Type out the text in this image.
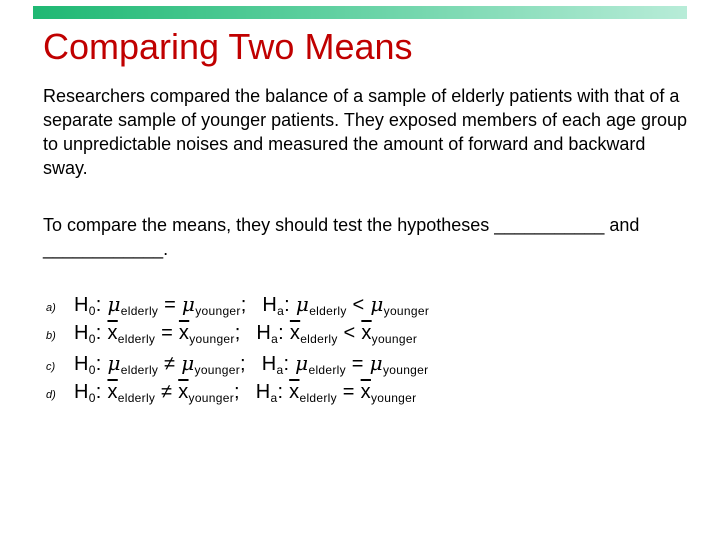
Comparing Two Means

Researchers compared the balance of a sample of elderly patients with that of a separate sample of younger patients. They exposed members of each age group to unpredictable noises and measured the amount of forward and backward sway.

To compare the means, they should test the hypotheses ___________ and ____________.

a) $H_0$: $\mu_{elderly} = \mu_{younger}$; $H_a$: $\mu_{elderly} < \mu_{younger}$
b) $H_0$: $\overline{x}_{elderly} = \overline{x}_{younger}$; $H_a$: $\overline{x}_{elderly} < \overline{x}_{younger}$
c) $H_0$: $\mu_{elderly} \ne \mu_{younger}$; $H_a$: $\mu_{elderly} = \mu_{younger}$
d) $H_0$: $\overline{x}_{elderly} \ne \overline{x}_{younger}$; $H_a$: $\overline{x}_{elderly} = \overline{x}_{younger}$
